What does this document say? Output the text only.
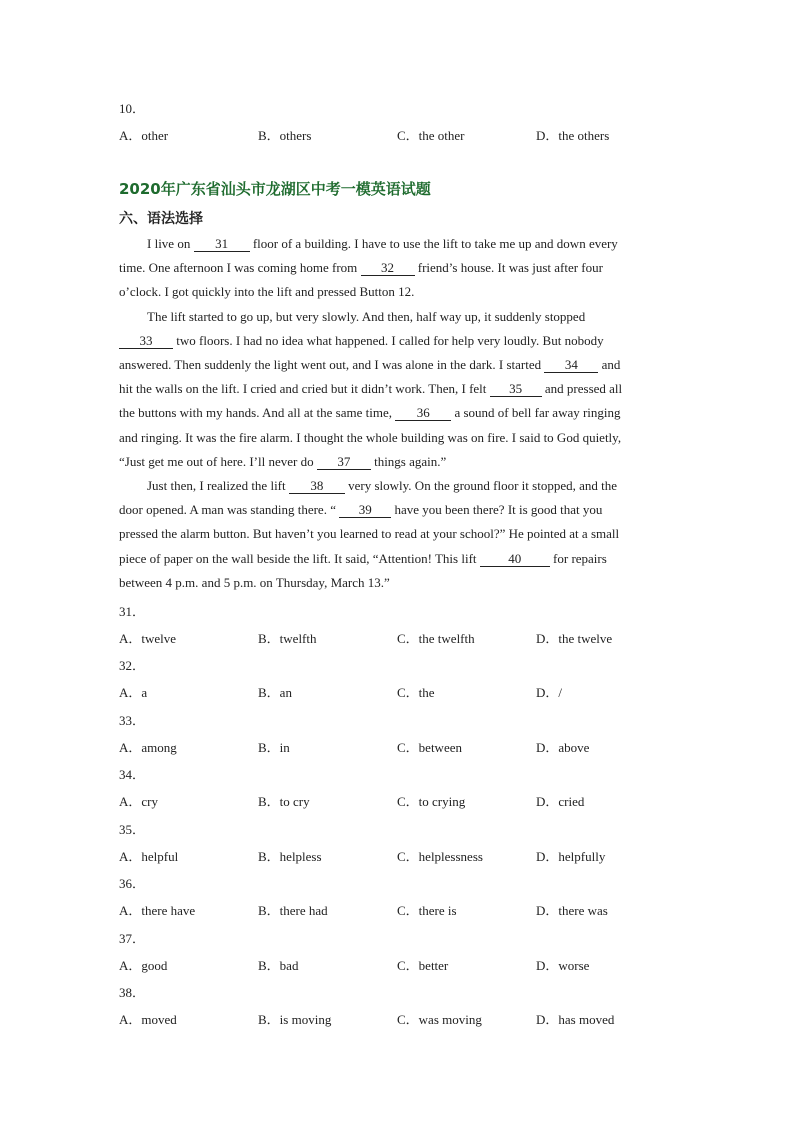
10．
A．other	B．others	C．the other	D．the others
2020年广东省汕头市龙湖区中考一模英语试题
六、语法选择
I live on 31 floor of a building. I have to use the lift to take me up and down every
time. One afternoon I was coming home from 32 friend’s house. It was just after four
o’clock. I got quickly into the lift and pressed Button 12.
The lift started to go up, but very slowly. And then, half way up, it suddenly stopped
33 two floors. I had no idea what happened. I called for help very loudly. But nobody
answered. Then suddenly the light went out, and I was alone in the dark. I started 34 and
hit the walls on the lift. I cried and cried but it didn’t work. Then, I felt 35 and pressed all
the buttons with my hands. And all at the same time, 36 a sound of bell far away ringing
and ringing. It was the fire alarm. I thought the whole building was on fire. I said to God quietly,
“Just get me out of here. I’ll never do 37 things again.”
Just then, I realized the lift 38 very slowly. On the ground floor it stopped, and the
door opened. A man was standing there. “ 39 have you been there? It is good that you
pressed the alarm button. But haven’t you learned to read at your school?” He pointed at a small
piece of paper on the wall beside the lift. It said, “Attention! This lift 40 for repairs
between 4 p.m. and 5 p.m. on Thursday, March 13.”
31．
A．twelve	B．twelfth	C．the twelfth	D．the twelve
32．
A．a	B．an	C．the	D．/
33．
A．among	B．in	C．between	D．above
34．
A．cry	B．to cry	C．to crying	D．cried
35．
A．helpful	B．helpless	C．helplessness	D．helpfully
36．
A．there have	B．there had	C．there is	D．there was
37．
A．good	B．bad	C．better	D．worse
38．
A．moved	B．is moving	C．was moving	D．has moved
